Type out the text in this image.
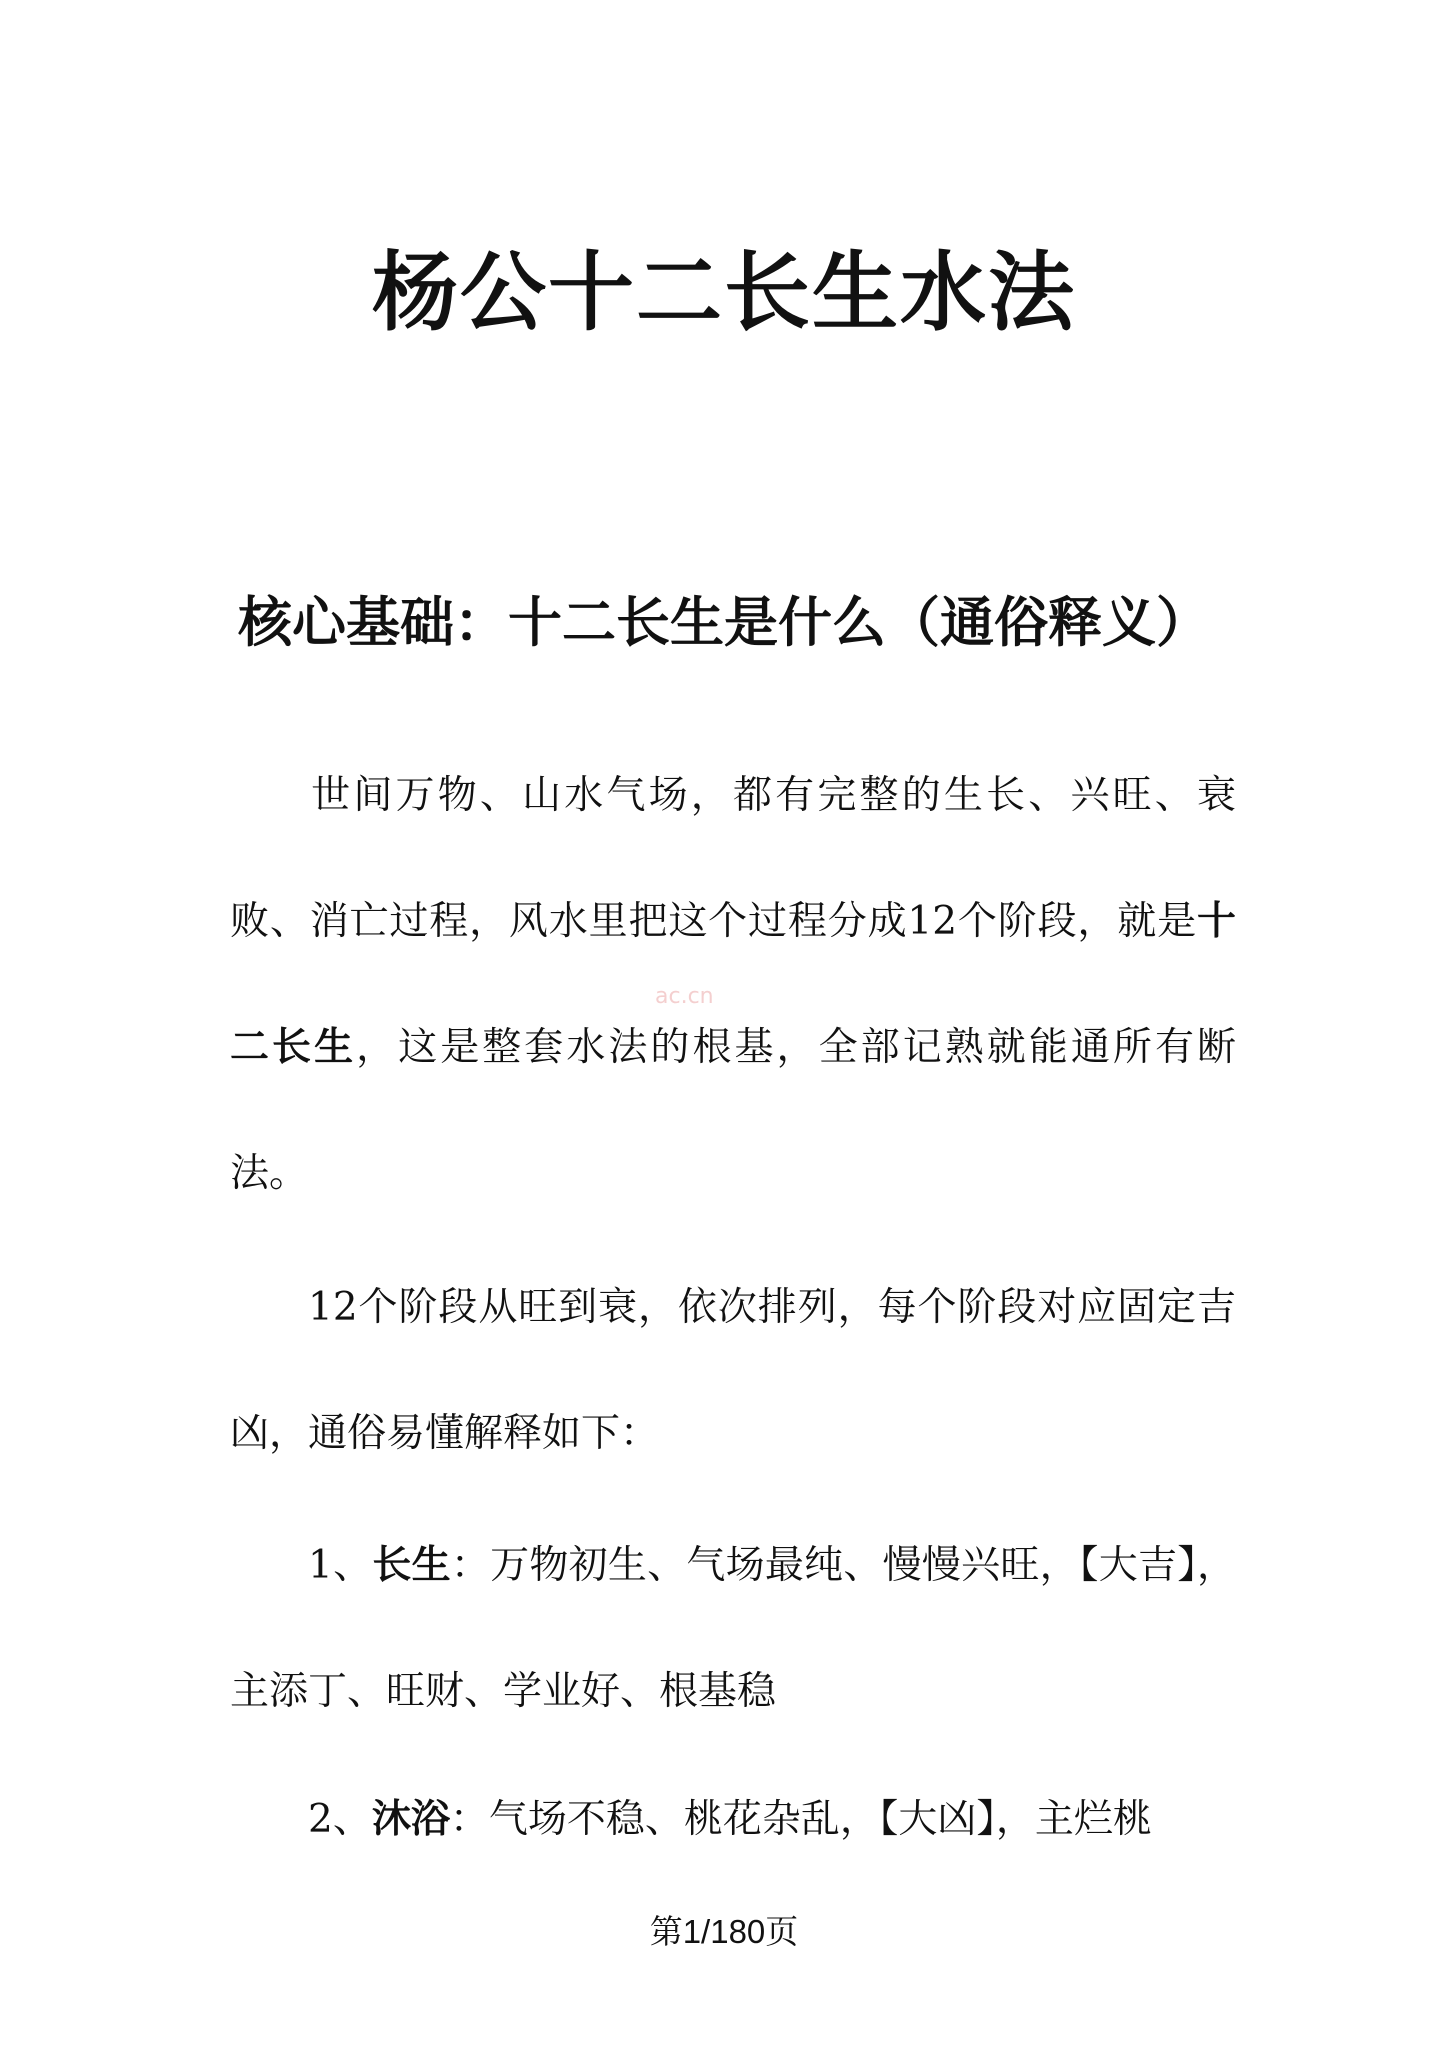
杨公十二长生水法
核心基础：十二长生是什么（通俗释义）

世间万物、山水气场，都有完整的生长、兴旺、衰败、消亡过程，风水里把这个过程分成12个阶段，就是十二长生，这是整套水法的根基，全部记熟就能通所有断法。

ac.cn

12个阶段从旺到衰，依次排列，每个阶段对应固定吉凶，通俗易懂解释如下：

1、长生：万物初生、气场最纯、慢慢兴旺，【大吉】，主添丁、旺财、学业好、根基稳

2、沐浴：气场不稳、桃花杂乱，【大凶】，主烂桃

第1/180页
